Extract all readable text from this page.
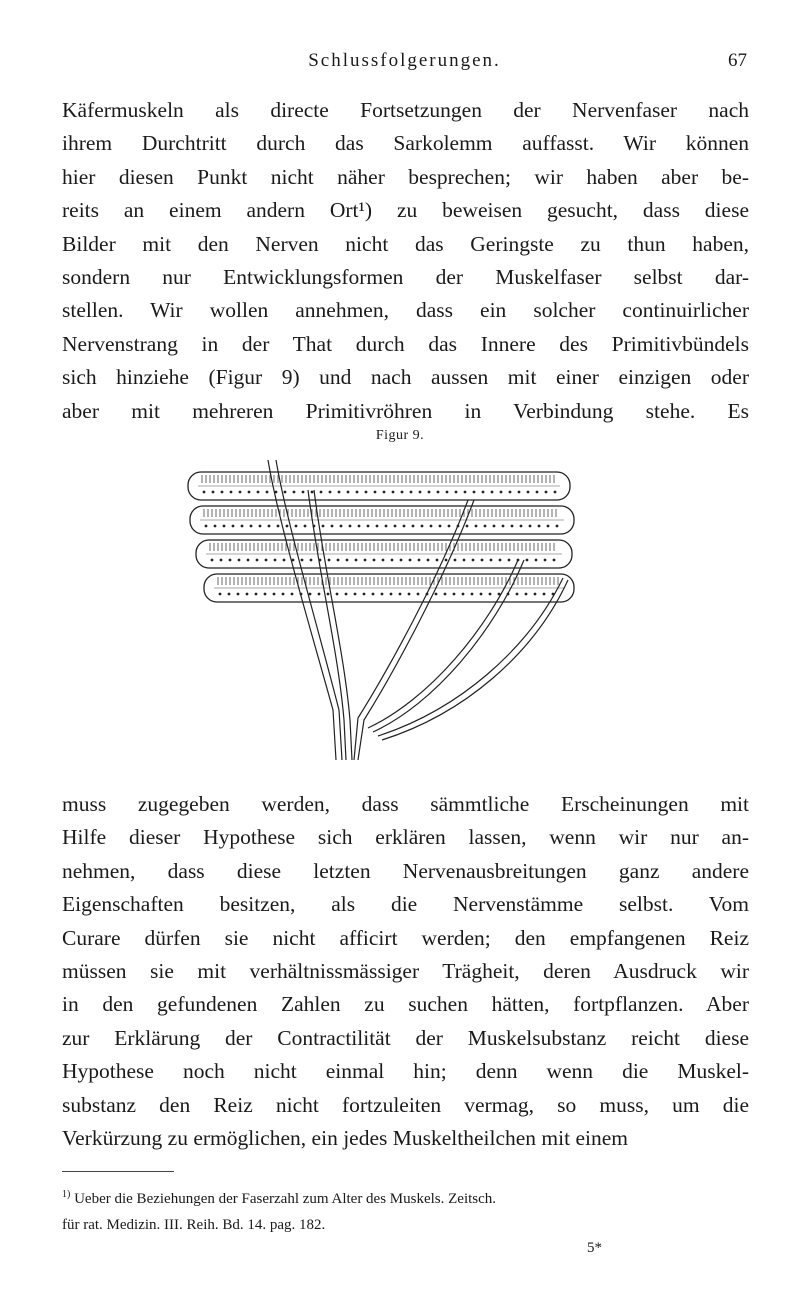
Schlussfolgerungen.	67

Käfermuskeln als directe Fortsetzungen der Nervenfaser nach
ihrem Durchtritt durch das Sarkolemm auffasst. Wir können
hier diesen Punkt nicht näher besprechen; wir haben aber be-
reits an einem andern Ort¹) zu beweisen gesucht, dass diese
Bilder mit den Nerven nicht das Geringste zu thun haben,
sondern nur Entwicklungsformen der Muskelfaser selbst dar-
stellen. Wir wollen annehmen, dass ein solcher continuirlicher
Nervenstrang in der That durch das Innere des Primitivbündels
sich hinziehe (Figur 9) und nach aussen mit einer einzigen oder
aber mit mehreren Primitivröhren in Verbindung stehe. Es

Figur 9.

muss zugegeben werden, dass sämmtliche Erscheinungen mit
Hilfe dieser Hypothese sich erklären lassen, wenn wir nur an-
nehmen, dass diese letzten Nervenausbreitungen ganz andere
Eigenschaften besitzen, als die Nervenstämme selbst. Vom
Curare dürfen sie nicht afficirt werden; den empfangenen Reiz
müssen sie mit verhältnissmässiger Trägheit, deren Ausdruck wir
in den gefundenen Zahlen zu suchen hätten, fortpflanzen. Aber
zur Erklärung der Contractilität der Muskelsubstanz reicht diese
Hypothese noch nicht einmal hin; denn wenn die Muskel-
substanz den Reiz nicht fortzuleiten vermag, so muss, um die
Verkürzung zu ermöglichen, ein jedes Muskeltheilchen mit einem

$^{1)}$ Ueber die Beziehungen der Faserzahl zum Alter des Muskels. Zeitsch.
für rat. Medizin. III. Reih. Bd. 14. pag. 182.
5*
